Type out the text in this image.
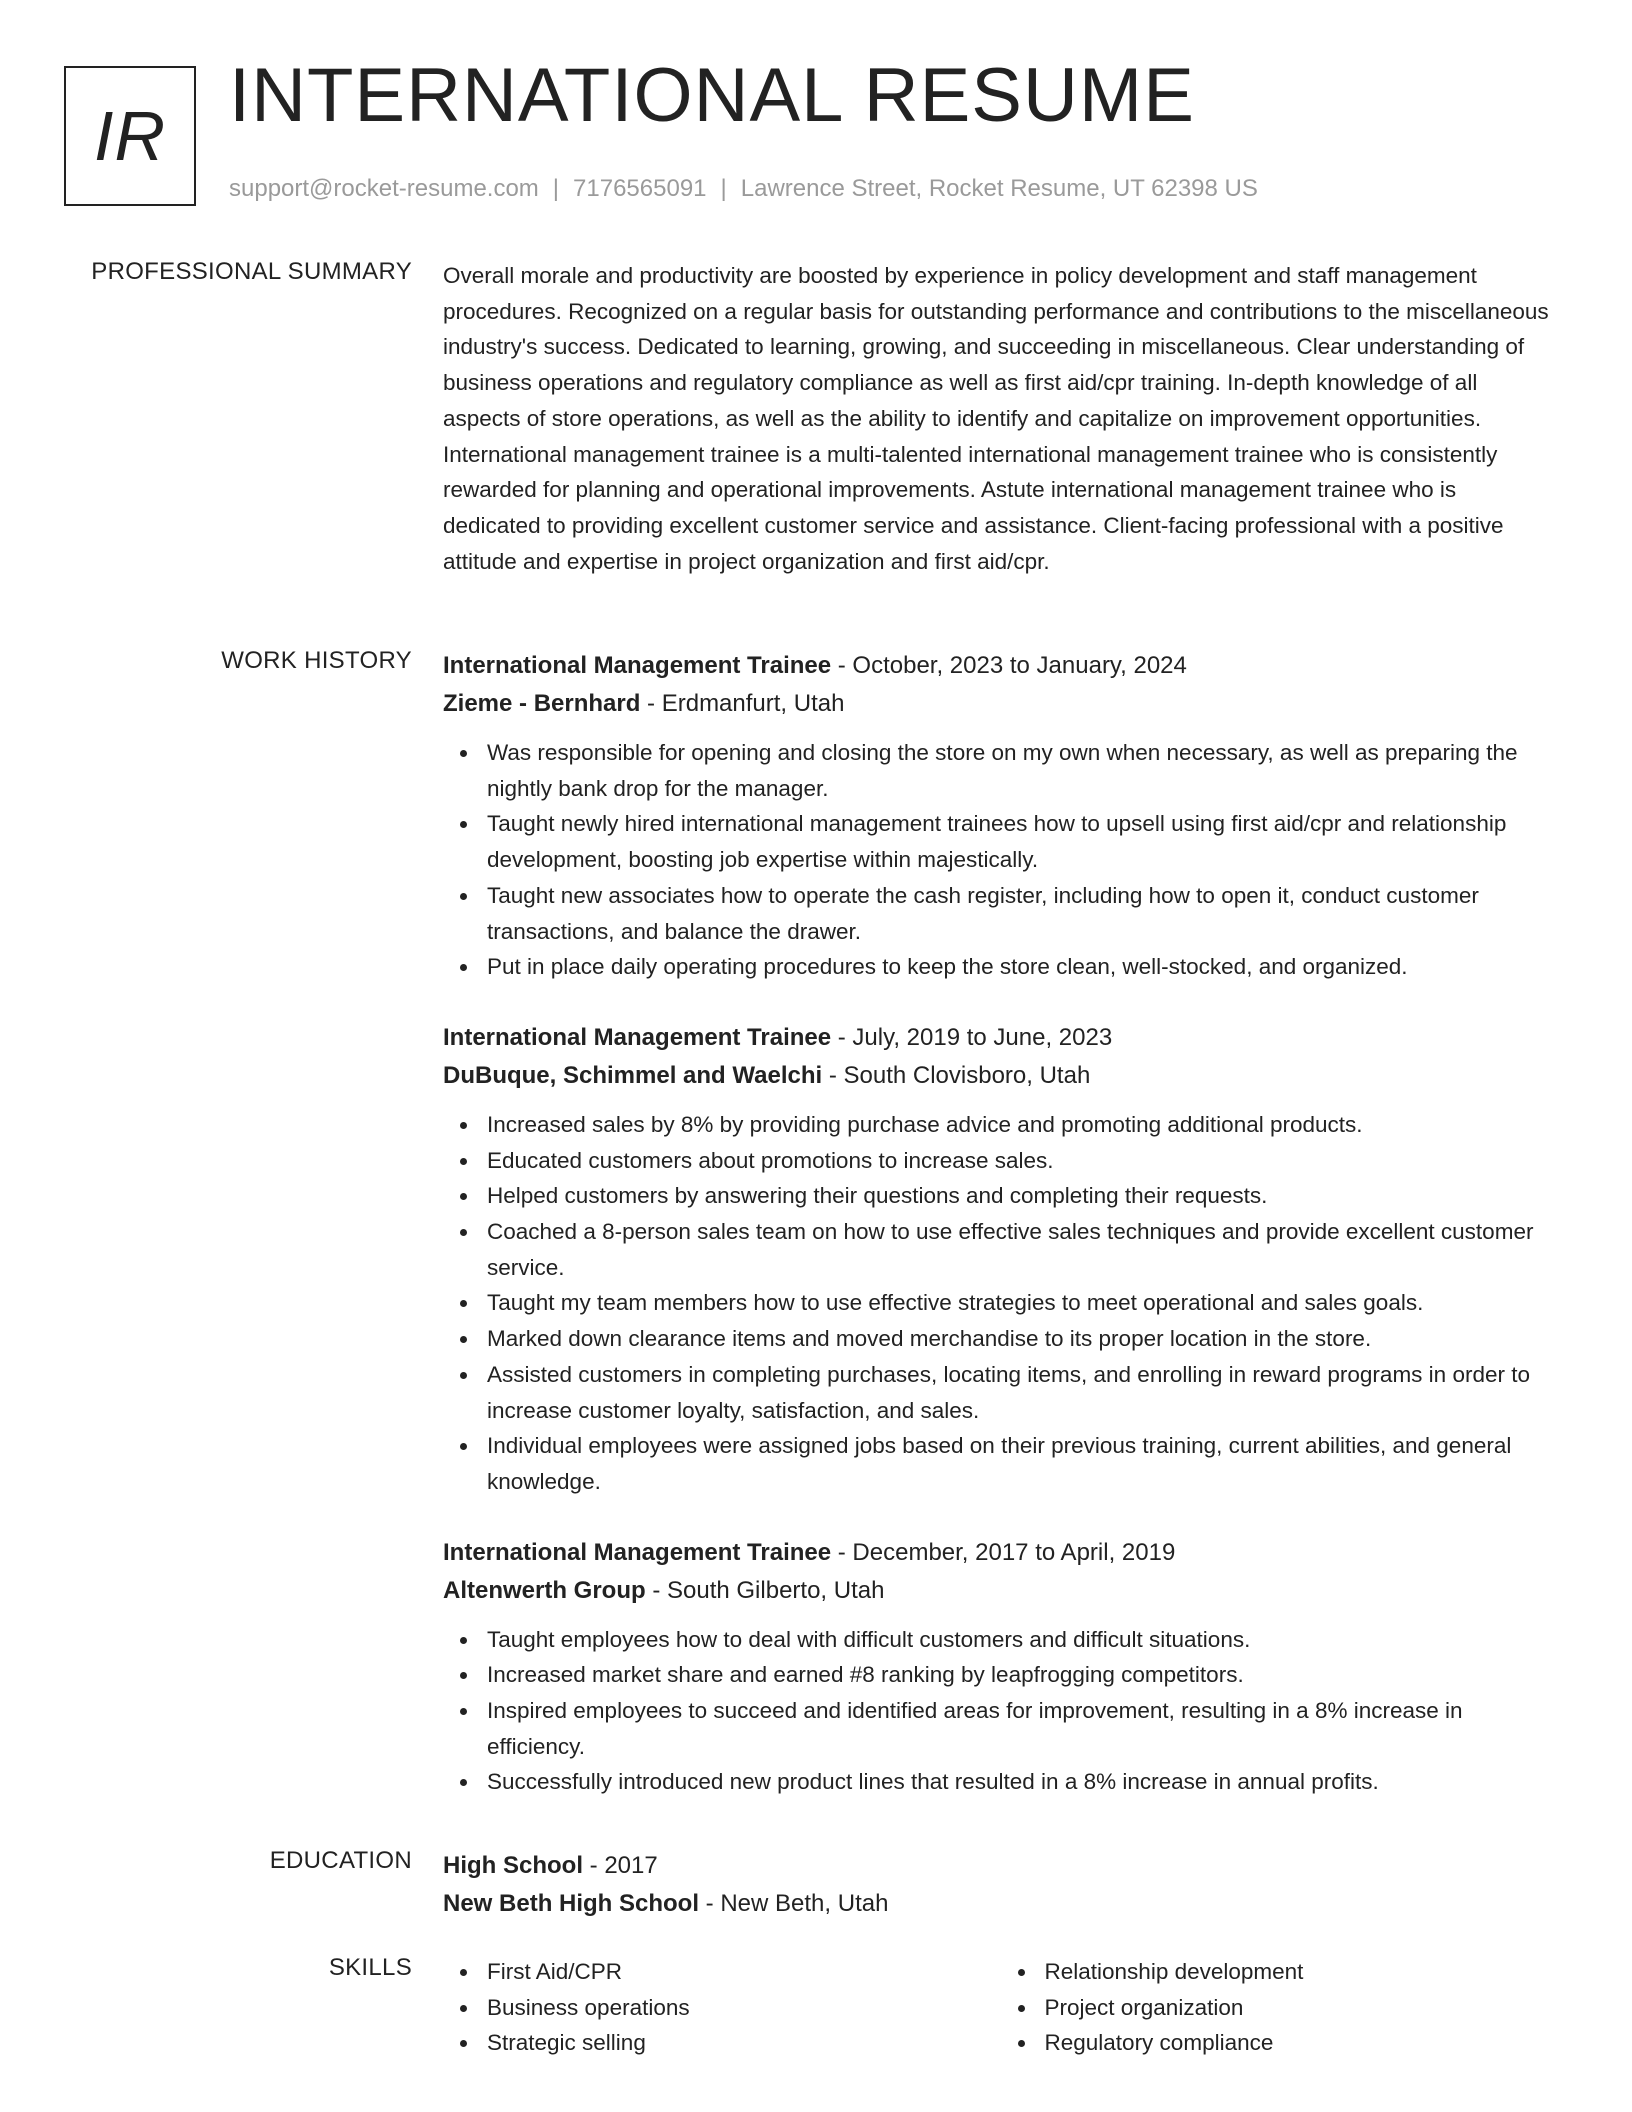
IR INTERNATIONAL RESUME
support@rocket-resume.com | 7176565091 | Lawrence Street, Rocket Resume, UT 62398 US
PROFESSIONAL SUMMARY Overall morale and productivity are boosted by experience in policy development and staff management procedures. Recognized on a regular basis for outstanding performance and contributions to the miscellaneous industry's success. Dedicated to learning, growing, and succeeding in miscellaneous. Clear understanding of business operations and regulatory compliance as well as first aid/cpr training. In-depth knowledge of all aspects of store operations, as well as the ability to identify and capitalize on improvement opportunities. International management trainee is a multi-talented international management trainee who is consistently rewarded for planning and operational improvements. Astute international management trainee who is dedicated to providing excellent customer service and assistance. Client-facing professional with a positive attitude and expertise in project organization and first aid/cpr.

WORK HISTORY International Management Trainee - October, 2023 to January, 2024
Zieme - Bernhard - Erdmanfurt, Utah
Was responsible for opening and closing the store on my own when necessary, as well as preparing the nightly bank drop for the manager.
Taught newly hired international management trainees how to upsell using first aid/cpr and relationship development, boosting job expertise within majestically.
Taught new associates how to operate the cash register, including how to open it, conduct customer transactions, and balance the drawer.
Put in place daily operating procedures to keep the store clean, well-stocked, and organized.
International Management Trainee - July, 2019 to June, 2023
DuBuque, Schimmel and Waelchi - South Clovisboro, Utah
Increased sales by 8% by providing purchase advice and promoting additional products.
Educated customers about promotions to increase sales.
Helped customers by answering their questions and completing their requests.
Coached a 8-person sales team on how to use effective sales techniques and provide excellent customer service.
Taught my team members how to use effective strategies to meet operational and sales goals.
Marked down clearance items and moved merchandise to its proper location in the store.
Assisted customers in completing purchases, locating items, and enrolling in reward programs in order to increase customer loyalty, satisfaction, and sales.
Individual employees were assigned jobs based on their previous training, current abilities, and general knowledge.
International Management Trainee - December, 2017 to April, 2019
Altenwerth Group - South Gilberto, Utah
Taught employees how to deal with difficult customers and difficult situations.
Increased market share and earned #8 ranking by leapfrogging competitors.
Inspired employees to succeed and identified areas for improvement, resulting in a 8% increase in efficiency.
Successfully introduced new product lines that resulted in a 8% increase in annual profits.
EDUCATION High School - 2017
New Beth High School - New Beth, Utah
SKILLS	First Aid/CPR
Business operations
Strategic selling
Relationship development
Project organization
Regulatory compliance
